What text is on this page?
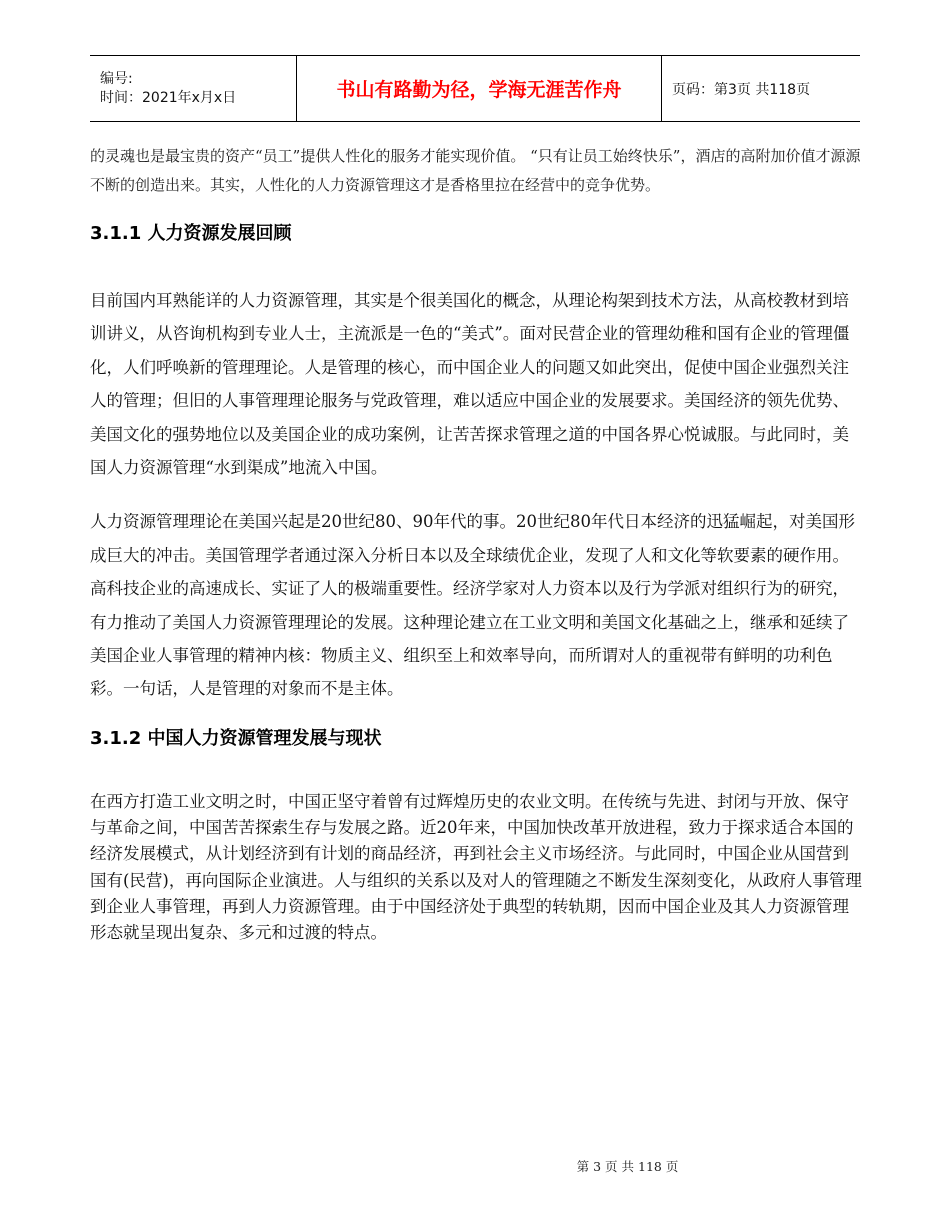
编号:
时间：2021年x月x日	书山有路勤为径，学海无涯苦作舟	页码：第3页 共118页

的灵魂也是最宝贵的资产“员工”提供人性化的服务才能实现价值。 “只有让员工始终快乐”，酒店的高附加价值才源源不断的创造出来。其实，人性化的人力资源管理这才是香格里拉在经营中的竞争优势。

3.1.1 人力资源发展回顾

目前国内耳熟能详的人力资源管理，其实是个很美国化的概念，从理论构架到技术方法，从高校教材到培训讲义，从咨询机构到专业人士，主流派是一色的“美式”。面对民营企业的管理幼稚和国有企业的管理僵化，人们呼唤新的管理理论。人是管理的核心，而中国企业人的问题又如此突出，促使中国企业强烈关注人的管理；但旧的人事管理理论服务与党政管理，难以适应中国企业的发展要求。美国经济的领先优势、美国文化的强势地位以及美国企业的成功案例，让苦苦探求管理之道的中国各界心悦诚服。与此同时，美国人力资源管理“水到渠成”地流入中国。

人力资源管理理论在美国兴起是20世纪80、90年代的事。20世纪80年代日本经济的迅猛崛起，对美国形成巨大的冲击。美国管理学者通过深入分析日本以及全球绩优企业，发现了人和文化等软要素的硬作用。高科技企业的高速成长、实证了人的极端重要性。经济学家对人力资本以及行为学派对组织行为的研究，有力推动了美国人力资源管理理论的发展。这种理论建立在工业文明和美国文化基础之上，继承和延续了美国企业人事管理的精神内核：物质主义、组织至上和效率导向，而所谓对人的重视带有鲜明的功利色彩。一句话，人是管理的对象而不是主体。

3.1.2 中国人力资源管理发展与现状

在西方打造工业文明之时，中国正坚守着曾有过辉煌历史的农业文明。在传统与先进、封闭与开放、保守与革命之间，中国苦苦探索生存与发展之路。近20年来，中国加快改革开放进程，致力于探求适合本国的经济发展模式，从计划经济到有计划的商品经济，再到社会主义市场经济。与此同时，中国企业从国营到国有(民营)，再向国际企业演进。人与组织的关系以及对人的管理随之不断发生深刻变化，从政府人事管理到企业人事管理，再到人力资源管理。由于中国经济处于典型的转轨期，因而中国企业及其人力资源管理形态就呈现出复杂、多元和过渡的特点。

第 3 页 共 118 页
